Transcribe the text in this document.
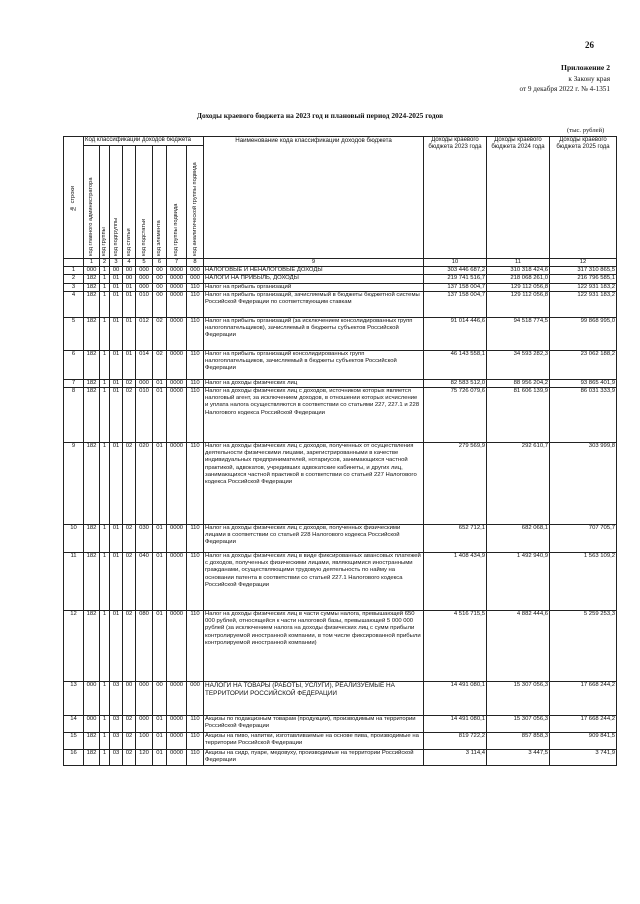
26
Приложение 2
к Закону края
от 9 декабря 2022 г. № 4-1351
Доходы краевого бюджета на 2023 год и плановый период 2024-2025 годов
(тыс. рублей)
№ строки	Код классификации доходов бюджета								Наименование кода классификации доходов бюджета	Доходы краевого бюджета 2023 года	Доходы краевого бюджета 2024 года	Доходы краевого бюджета 2025 года

	код главного администратора	код группы	код подгруппы	код статьи	код подстатьи	код элемента	код группы подвида	код аналитической группы подвида				

	1	2	3	4	5	6	7	8	9	10	11	12
1	000	1	00	00	000	00	0000	000	НАЛОГОВЫЕ И НЕНАЛОГОВЫЕ ДОХОДЫ	303 446 687,2	310 318 424,6	317 310 865,5
2	182	1	01	00	000	00	0000	000	НАЛОГИ НА ПРИБЫЛЬ, ДОХОДЫ	219 741 516,7	218 068 261,0	216 796 585,1
3	182	1	01	01	000	00	0000	110	Налог на прибыль организаций	137 158 004,7	129 112 056,8	122 931 183,2
4	182	1	01	01	010	00	0000	110	Налог на прибыль организаций, зачисляемый в бюджеты бюджетной системы Российской Федерации по соответствующим ставкам	137 158 004,7	129 112 056,8	122 931 183,2
5	182	1	01	01	012	02	0000	110	Налог на прибыль организаций (за исключением консолидированных групп налогоплательщиков), зачисляемый в бюджеты субъектов Российской Федерации	91 014 446,6	94 518 774,5	99 868 995,0
6	182	1	01	01	014	02	0000	110	Налог на прибыль организаций консолидированных групп налогоплательщиков, зачисляемый в бюджеты субъектов Российской Федерации	46 143 558,1	34 593 282,3	23 062 188,2
7	182	1	01	02	000	01	0000	110	Налог на доходы физических лиц	82 583 512,0	88 956 204,2	93 865 401,9
8	182	1	01	02	010	01	0000	110	Налог на доходы физических лиц с доходов, источником которых является налоговый агент, за исключением доходов, в отношении которых исчисление и уплата налога осуществляются в соответствии со статьями 227, 227.1 и 228 Налогового кодекса Российской Федерации	75 726 079,6	81 606 139,9	86 031 333,9
9	182	1	01	02	020	01	0000	110	Налог на доходы физических лиц с доходов, полученных от осуществления деятельности физическими лицами, зарегистрированными в качестве индивидуальных предпринимателей, нотариусов, занимающихся частной практикой, адвокатов, учредивших адвокатские кабинеты, и других лиц, занимающихся частной практикой в соответствии со статьей 227 Налогового кодекса Российской Федерации	279 569,9	292 610,7	303 999,8
10	182	1	01	02	030	01	0000	110	Налог на доходы физических лиц с доходов, полученных физическими лицами в соответствии со статьей 228 Налогового кодекса Российской Федерации	652 712,1	682 068,1	707 705,7
11	182	1	01	02	040	01	0000	110	Налог на доходы физических лиц в виде фиксированных авансовых платежей с доходов, полученных физическими лицами, являющимися иностранными гражданами, осуществляющими трудовую деятельность по найму на основании патента в соответствии со статьей 227.1 Налогового кодекса Российской Федерации	1 408 434,9	1 492 940,9	1 563 109,2
12	182	1	01	02	080	01	0000	110	Налог на доходы физических лиц в части суммы налога, превышающей 650 000 рублей, относящейся к части налоговой базы, превышающей 5 000 000 рублей (за исключением налога на доходы физических лиц с сумм прибыли контролируемой иностранной компании, в том числе фиксированной прибыли контролируемой иностранной компании)	4 516 715,5	4 882 444,6	5 259 253,3
13	000	1	03	00	000	00	0000	000	НАЛОГИ НА ТОВАРЫ (РАБОТЫ, УСЛУГИ), РЕАЛИЗУЕМЫЕ НА ТЕРРИТОРИИ РОССИЙСКОЙ ФЕДЕРАЦИИ	14 491 080,1	15 307 056,3	17 668 244,2
14	000	1	03	02	000	01	0000	110	Акцизы по подакцизным товарам (продукции), производимым на территории Российской Федерации	14 491 080,1	15 307 056,3	17 668 244,2
15	182	1	03	02	100	01	0000	110	Акцизы на пиво, напитки, изготавливаемые на основе пива, производимые на территории Российской Федерации	819 722,2	857 858,3	909 841,5
16	182	1	03	02	120	01	0000	110	Акцизы на сидр, пуаре, медовуху, производимые на территории Российской Федерации	3 114,4	3 447,5	3 741,9
